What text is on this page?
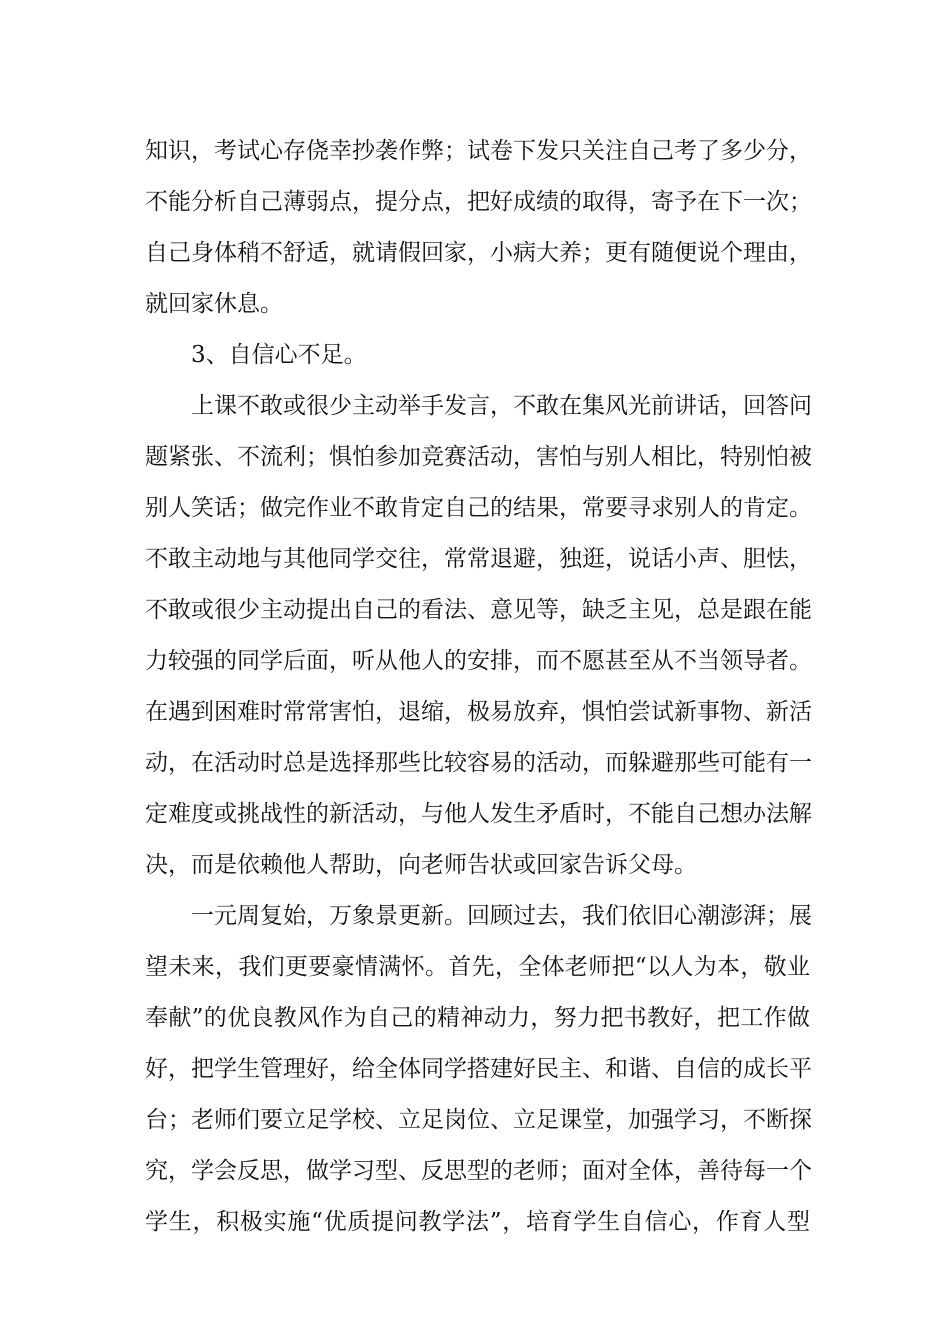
知识，考试心存侥幸抄袭作弊；试卷下发只关注自己考了多少分，
不能分析自己薄弱点，提分点，把好成绩的取得，寄予在下一次；
自己身体稍不舒适，就请假回家，小病大养；更有随便说个理由，
就回家休息。
3、自信心不足。
上课不敢或很少主动举手发言，不敢在集风光前讲话，回答问
题紧张、不流利；惧怕参加竞赛活动，害怕与别人相比，特别怕被
别人笑话；做完作业不敢肯定自己的结果，常要寻求别人的肯定。
不敢主动地与其他同学交往，常常退避，独逛，说话小声、胆怯，
不敢或很少主动提出自己的看法、意见等，缺乏主见，总是跟在能
力较强的同学后面，听从他人的安排，而不愿甚至从不当领导者。
在遇到困难时常常害怕，退缩，极易放弃，惧怕尝试新事物、新活
动，在活动时总是选择那些比较容易的活动，而躲避那些可能有一
定难度或挑战性的新活动，与他人发生矛盾时，不能自己想办法解
决，而是依赖他人帮助，向老师告状或回家告诉父母。
一元周复始，万象景更新。回顾过去，我们依旧心潮澎湃；展
望未来，我们更要豪情满怀。首先，全体老师把“以人为本，敬业
奉献”的优良教风作为自己的精神动力，努力把书教好，把工作做
好，把学生管理好，给全体同学搭建好民主、和谐、自信的成长平
台；老师们要立足学校、立足岗位、立足课堂，加强学习，不断探
究，学会反思，做学习型、反思型的老师；面对全体，善待每一个
学生，积极实施“优质提问教学法”，培育学生自信心，作育人型
